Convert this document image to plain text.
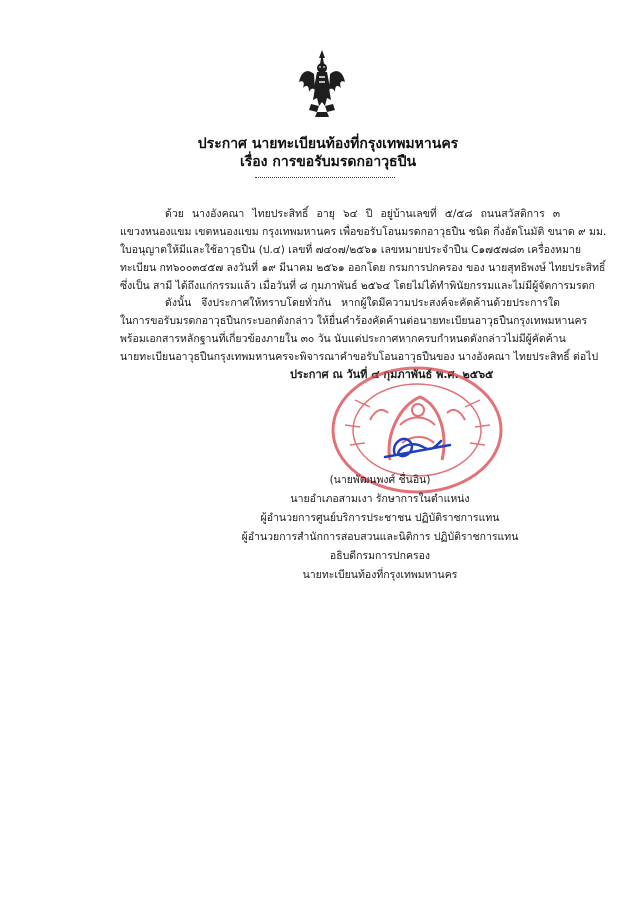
ประกาศ นายทะเบียนท้องที่กรุงเทพมหานคร
เรื่อง การขอรับมรดกอาวุธปืน
ด้วย นางอังคณา ไทยประสิทธิ์ อายุ ๖๔ ปี อยู่บ้านเลขที่ ๕/๕๘ ถนนสวัสดิการ ๓
แขวงหนองแขม เขตหนองแขม กรุงเทพมหานคร เพื่อขอรับโอนมรดกอาวุธปืน ชนิด กึ่งอัตโนมัติ ขนาด ๙ มม.
ใบอนุญาตให้มีและใช้อาวุธปืน (ป.๔) เลขที่ ๗๔๐๗/๒๕๖๑ เลขหมายประจำปืน C๑๗๕๗๘๓ เครื่องหมาย
ทะเบียน กท๖๐๐๓๔๕๗ ลงวันที่ ๑๙ มีนาคม ๒๕๖๑ ออกโดย กรมการปกครอง ของ นายสุทธิพงษ์ ไทยประสิทธิ์
ซึ่งเป็น สามี ได้ถึงแก่กรรมแล้ว เมื่อวันที่ ๘ กุมภาพันธ์ ๒๕๖๔ โดยไม่ได้ทำพินัยกรรมและไม่มีผู้จัดการมรดก
ดังนั้น จึงประกาศให้ทราบโดยทั่วกัน หากผู้ใดมีความประสงค์จะคัดค้านด้วยประการใด
ในการขอรับมรดกอาวุธปืนกระบอกดังกล่าว ให้ยื่นคำร้องคัดค้านต่อนายทะเบียนอาวุธปืนกรุงเทพมหานคร
พร้อมเอกสารหลักฐานที่เกี่ยวข้องภายใน ๓๐ วัน นับแต่ประกาศหากครบกำหนดดังกล่าวไม่มีผู้คัดค้าน
นายทะเบียนอาวุธปืนกรุงเทพมหานครจะพิจารณาคำขอรับโอนอาวุธปืนของ นางอังคณา ไทยประสิทธิ์ ต่อไป
ประกาศ ณ วันที่ ๔ กุมภาพันธ์ พ.ศ. ๒๕๖๕
(นายพัฒนพงศ์ ชื่นอิน)
นายอำเภอสามเงา รักษาการในตำแหน่ง
ผู้อำนวยการศูนย์บริการประชาชน ปฏิบัติราชการแทน
ผู้อำนวยการสำนักการสอบสวนและนิติการ ปฏิบัติราชการแทน
อธิบดีกรมการปกครอง
นายทะเบียนท้องที่กรุงเทพมหานคร
